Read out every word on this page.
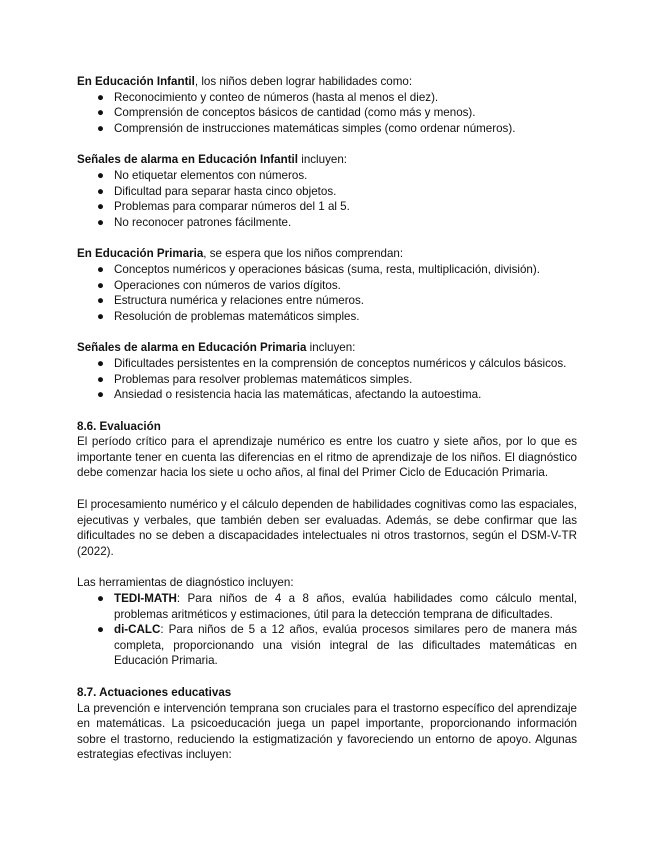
En Educación Infantil, los niños deben lograr habilidades como:

● Reconocimiento y conteo de números (hasta al menos el diez).
● Comprensión de conceptos básicos de cantidad (como más y menos).
● Comprensión de instrucciones matemáticas simples (como ordenar números).

Señales de alarma en Educación Infantil incluyen:

● No etiquetar elementos con números.
● Dificultad para separar hasta cinco objetos.
● Problemas para comparar números del 1 al 5.
● No reconocer patrones fácilmente.

En Educación Primaria, se espera que los niños comprendan:

● Conceptos numéricos y operaciones básicas (suma, resta, multiplicación, división).
● Operaciones con números de varios dígitos.
● Estructura numérica y relaciones entre números.
● Resolución de problemas matemáticos simples.

Señales de alarma en Educación Primaria incluyen:

● Dificultades persistentes en la comprensión de conceptos numéricos y cálculos básicos.
● Problemas para resolver problemas matemáticos simples.
● Ansiedad o resistencia hacia las matemáticas, afectando la autoestima.

8.6. Evaluación

El período crítico para el aprendizaje numérico es entre los cuatro y siete años, por lo que es importante tener en cuenta las diferencias en el ritmo de aprendizaje de los niños. El diagnóstico debe comenzar hacia los siete u ocho años, al final del Primer Ciclo de Educación Primaria.

El procesamiento numérico y el cálculo dependen de habilidades cognitivas como las espaciales, ejecutivas y verbales, que también deben ser evaluadas. Además, se debe confirmar que las dificultades no se deben a discapacidades intelectuales ni otros trastornos, según el DSM-V-TR (2022).

Las herramientas de diagnóstico incluyen:

● TEDI-MATH: Para niños de 4 a 8 años, evalúa habilidades como cálculo mental, problemas aritméticos y estimaciones, útil para la detección temprana de dificultades.
● di-CALC: Para niños de 5 a 12 años, evalúa procesos similares pero de manera más completa, proporcionando una visión integral de las dificultades matemáticas en Educación Primaria.

8.7. Actuaciones educativas

La prevención e intervención temprana son cruciales para el trastorno específico del aprendizaje en matemáticas. La psicoeducación juega un papel importante, proporcionando información sobre el trastorno, reduciendo la estigmatización y favoreciendo un entorno de apoyo. Algunas estrategias efectivas incluyen:
